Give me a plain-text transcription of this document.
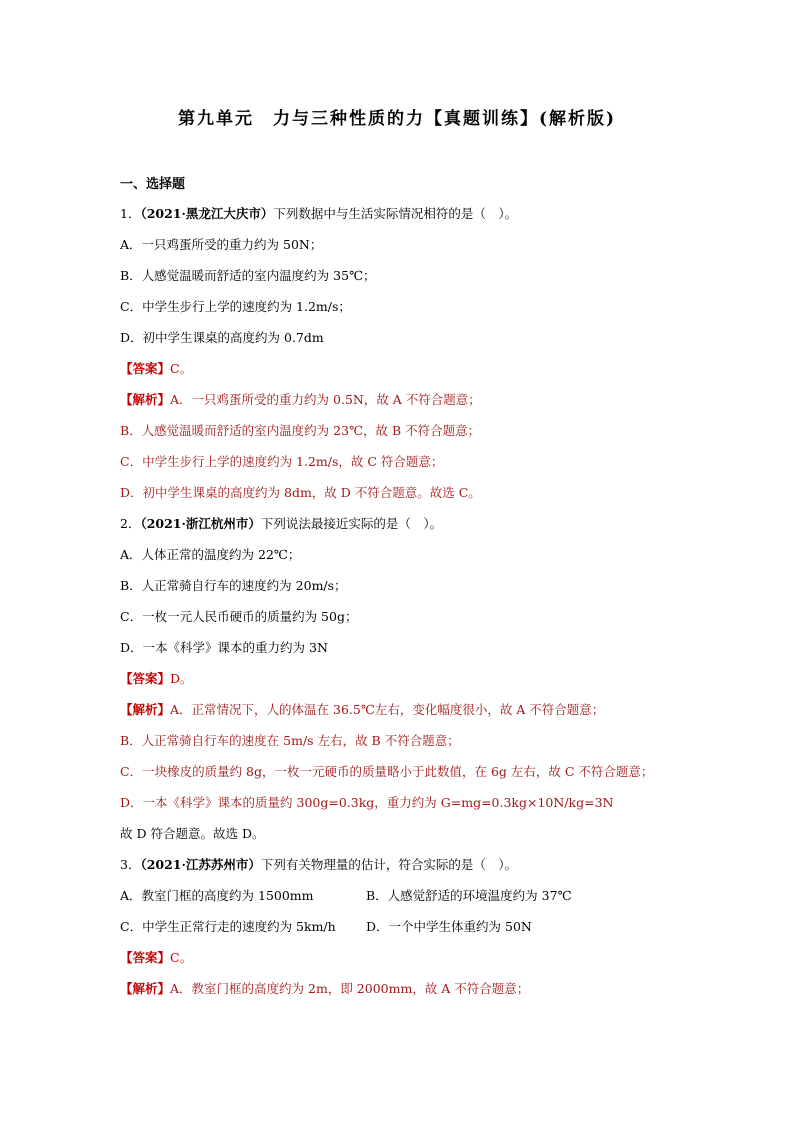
第九单元　力与三种性质的力【真题训练】(解析版)
一、选择题
1．（2021·黑龙江大庆市）下列数据中与生活实际情况相符的是（　）。
A．一只鸡蛋所受的重力约为 50N；
B．人感觉温暖而舒适的室内温度约为 35℃；
C．中学生步行上学的速度约为 1.2m/s；
D．初中学生课桌的高度约为 0.7dm
【答案】C。
【解析】A．一只鸡蛋所受的重力约为 0.5N，故 A 不符合题意；
B．人感觉温暖而舒适的室内温度约为 23℃，故 B 不符合题意；
C．中学生步行上学的速度约为 1.2m/s，故 C 符合题意；
D．初中学生课桌的高度约为 8dm，故 D 不符合题意。故选 C。
2．（2021·浙江杭州市）下列说法最接近实际的是（　）。
A．人体正常的温度约为 22℃；
B．人正常骑自行车的速度约为 20m/s；
C．一枚一元人民币硬币的质量约为 50g；
D．一本《科学》课本的重力约为 3N
【答案】D。
【解析】A．正常情况下，人的体温在 36.5℃左右，变化幅度很小，故 A 不符合题意；
B．人正常骑自行车的速度在 5m/s 左右，故 B 不符合题意；
C．一块橡皮的质量约 8g，一枚一元硬币的质量略小于此数值，在 6g 左右，故 C 不符合题意；
D．一本《科学》课本的质量约 300g=0.3kg，重力约为 G=mg=0.3kg×10N/kg=3N
故 D 符合题意。故选 D。
3．（2021·江苏苏州市）下列有关物理量的估计，符合实际的是（　）。
A．教室门框的高度约为 1500mm	B．人感觉舒适的环境温度约为 37℃
C．中学生正常行走的速度约为 5km/h D．一个中学生体重约为 50N
【答案】C。
【解析】A．教室门框的高度约为 2m，即 2000mm，故 A 不符合题意；
